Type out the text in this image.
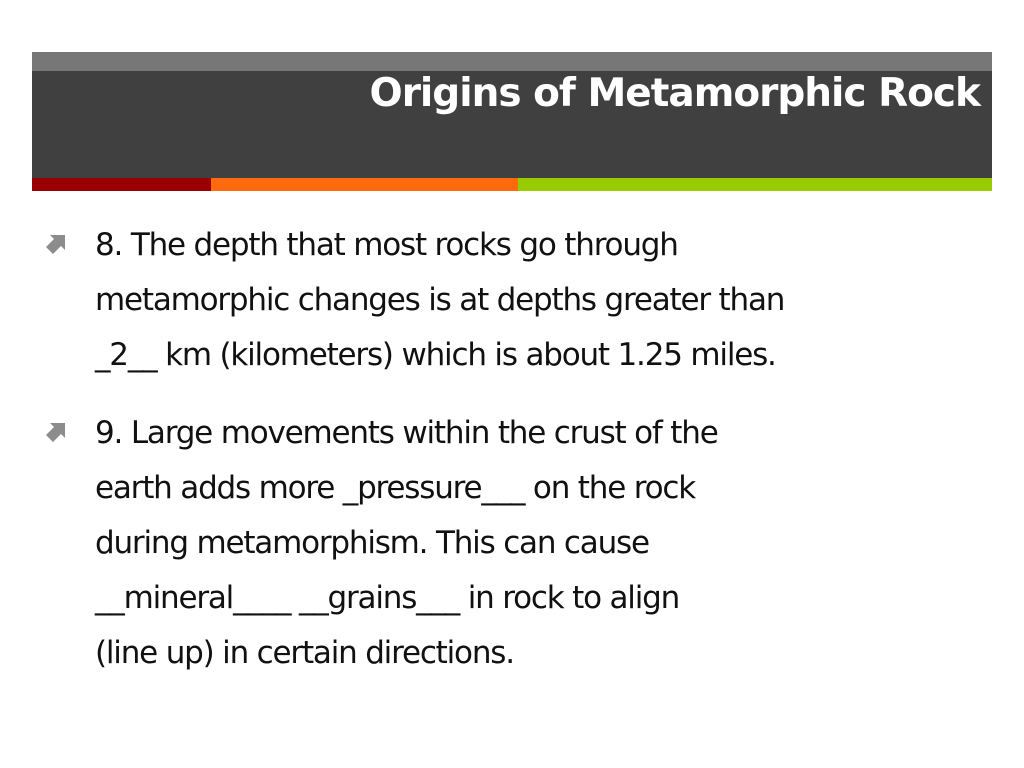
Origins of Metamorphic Rock

8. The depth that most rocks go through
metamorphic changes is at depths greater than
_2__ km (kilometers) which is about 1.25 miles.

9. Large movements within the crust of the
earth adds more _pressure___ on the rock
during metamorphism. This can cause
__mineral____ __grains___ in rock to align
(line up) in certain directions.
